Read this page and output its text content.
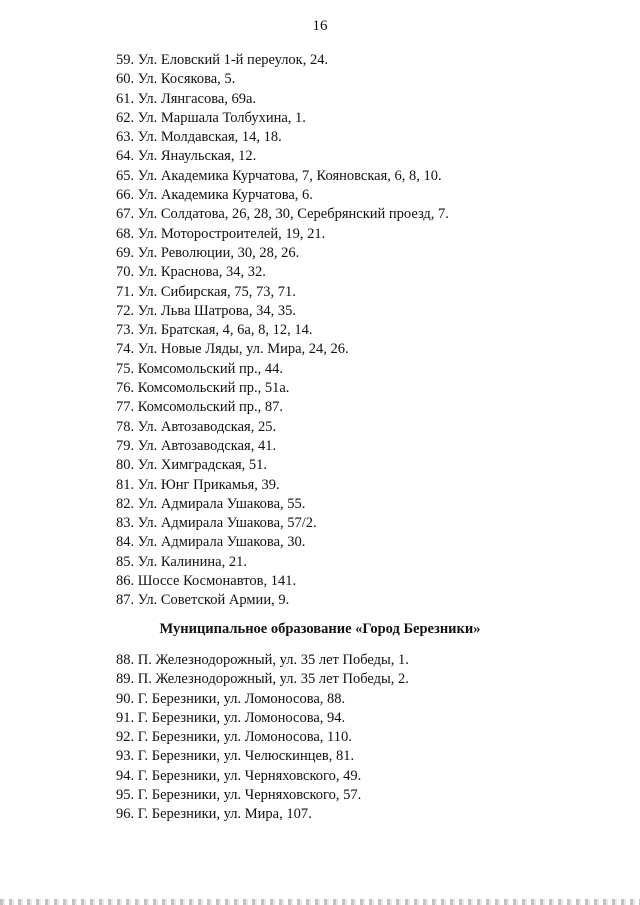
16
59. Ул. Еловский 1-й переулок, 24.
60. Ул. Косякова, 5.
61. Ул. Лянгасова, 69а.
62. Ул. Маршала Толбухина, 1.
63. Ул. Молдавская, 14, 18.
64. Ул. Янаульская, 12.
65. Ул. Академика Курчатова, 7, Кояновская, 6, 8, 10.
66. Ул. Академика Курчатова, 6.
67. Ул. Солдатова, 26, 28, 30, Серебрянский проезд, 7.
68. Ул. Моторостроителей, 19, 21.
69. Ул. Революции, 30, 28, 26.
70. Ул. Краснова, 34, 32.
71. Ул. Сибирская, 75, 73, 71.
72. Ул. Льва Шатрова, 34, 35.
73. Ул. Братская, 4, 6а, 8, 12, 14.
74. Ул. Новые Ляды, ул. Мира, 24, 26.
75. Комсомольский пр., 44.
76. Комсомольский пр., 51а.
77. Комсомольский пр., 87.
78. Ул. Автозаводская, 25.
79. Ул. Автозаводская, 41.
80. Ул. Химградская, 51.
81. Ул. Юнг Прикамья, 39.
82. Ул. Адмирала Ушакова, 55.
83. Ул. Адмирала Ушакова, 57/2.
84. Ул. Адмирала Ушакова, 30.
85. Ул. Калинина, 21.
86. Шоссе Космонавтов, 141.
87. Ул. Советской Армии, 9.
Муниципальное образование «Город Березники»
88. П. Железнодорожный, ул. 35 лет Победы, 1.
89. П. Железнодорожный, ул. 35 лет Победы, 2.
90. Г. Березники, ул. Ломоносова, 88.
91. Г. Березники, ул. Ломоносова, 94.
92. Г. Березники, ул. Ломоносова, 110.
93. Г. Березники, ул. Челюскинцев, 81.
94. Г. Березники, ул. Черняховского, 49.
95. Г. Березники, ул. Черняховского, 57.
96. Г. Березники, ул. Мира, 107.
